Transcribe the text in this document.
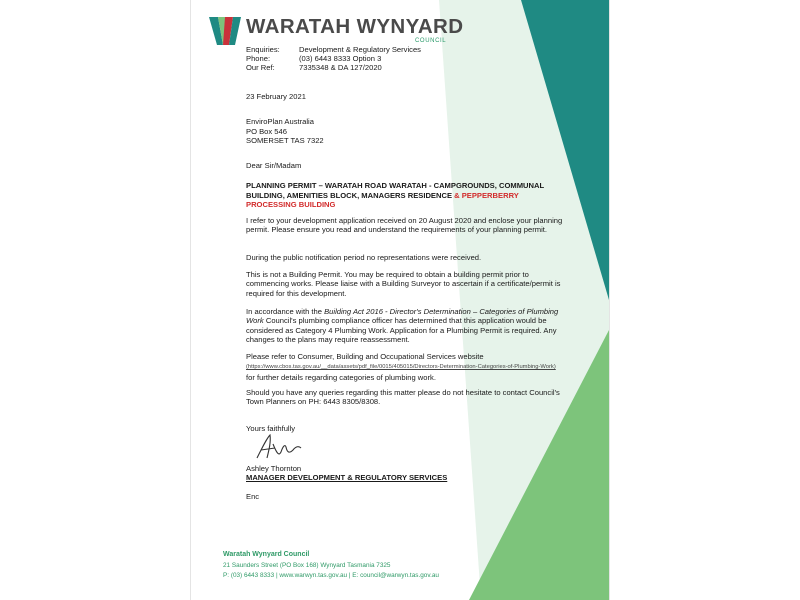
WARATAH WYNYARD
COUNCIL
Enquiries:	Development & Regulatory Services
Phone:	(03) 6443 8333 Option 3
Our Ref:	7335348 & DA 127/2020
23 February 2021
EnviroPlan Australia
PO Box 546
SOMERSET TAS 7322
Dear Sir/Madam
PLANNING PERMIT – WARATAH ROAD WARATAH - CAMPGROUNDS, COMMUNAL BUILDING, AMENITIES BLOCK, MANAGERS RESIDENCE & PEPPERBERRY PROCESSING BUILDING
I refer to your development application received on 20 August 2020 and enclose your planning permit. Please ensure you read and understand the requirements of your planning permit.
During the public notification period no representations were received.
This is not a Building Permit. You may be required to obtain a building permit prior to commencing works. Please liaise with a Building Surveyor to ascertain if a certificate/permit is required for this development.
In accordance with the Building Act 2016 - Director's Determination – Categories of Plumbing Work Council's plumbing compliance officer has determined that this application would be considered as Category 4 Plumbing Work. Application for a Plumbing Permit is required. Any changes to the plans may require reassessment.
Please refer to Consumer, Building and Occupational Services website (https://www.cbos.tas.gov.au/__data/assets/pdf_file/0015/405015/Directors-Determination-Categories-of-Plumbing-Work) for further details regarding categories of plumbing work.
Should you have any queries regarding this matter please do not hesitate to contact Council's Town Planners on PH: 6443 8305/8308.
Yours faithfully
Ashley Thornton
MANAGER DEVELOPMENT & REGULATORY SERVICES
Enc
Waratah Wynyard Council
21 Saunders Street (PO Box 168) Wynyard Tasmania 7325
P: (03) 6443 8333 | www.warwyn.tas.gov.au | E: council@warwyn.tas.gov.au
